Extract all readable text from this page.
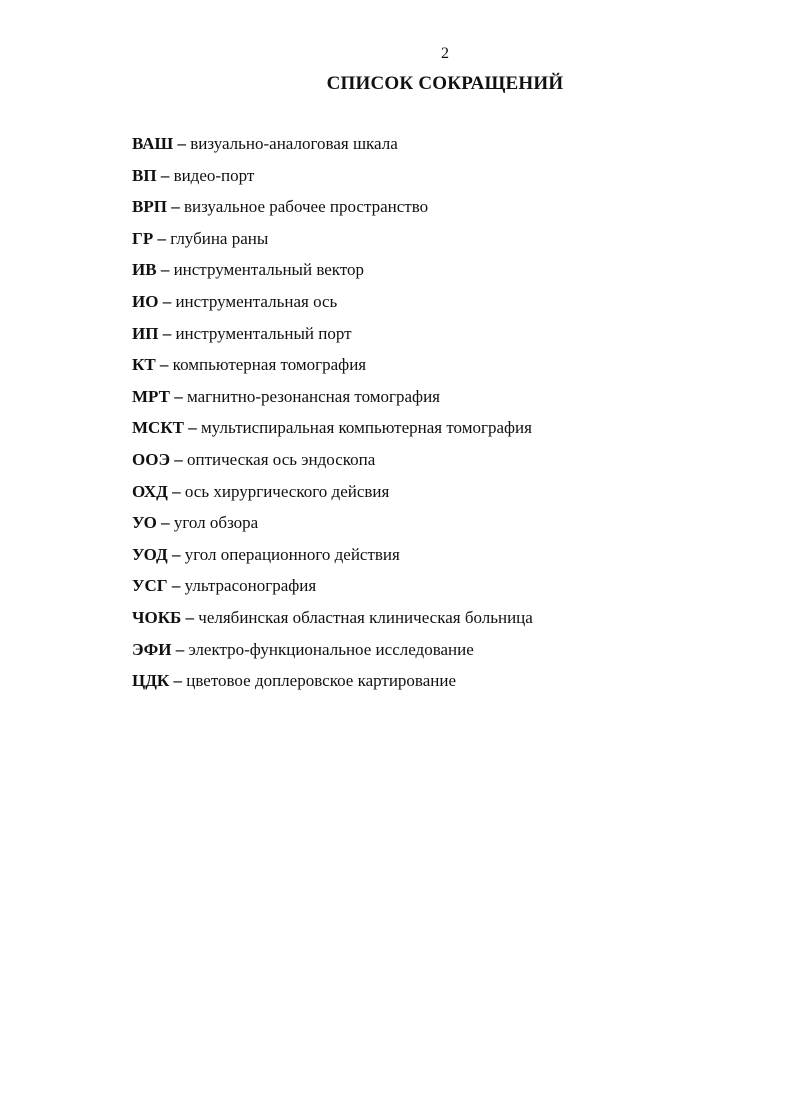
2
СПИСОК СОКРАЩЕНИЙ
ВАШ – визуально-аналоговая шкала
ВП – видео-порт
ВРП – визуальное рабочее пространство
ГР – глубина раны
ИВ – инструментальный вектор
ИО – инструментальная ось
ИП – инструментальный порт
КТ – компьютерная томография
МРТ – магнитно-резонансная томография
МСКТ – мультиспиральная компьютерная томография
ООЭ – оптическая ось эндоскопа
ОХД – ось хирургического дейсвия
УО – угол обзора
УОД – угол операционного действия
УСГ – ультрасонография
ЧОКБ – челябинская областная клиническая больница
ЭФИ – электро-функциональное исследование
ЦДК – цветовое доплеровское картирование
